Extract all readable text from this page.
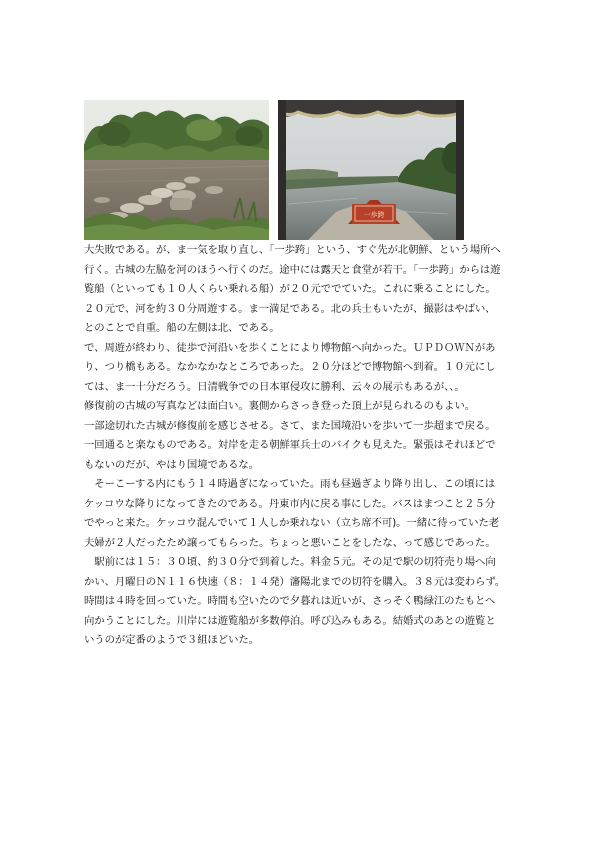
一歩跨

大失敗である。が、ま一気を取り直し、「一歩跨」という、すぐ先が北朝鮮、という場所へ

行く。古城の左脇を河のほうへ行くのだ。途中には露天と食堂が若干。「一歩跨」からは遊

覧船（といっても１０人くらい乗れる船）が２０元ででていた。これに乗ることにした。

２０元で、河を約３０分周遊する。ま一満足である。北の兵士もいたが、撮影はやばい、

とのことで自重。船の左側は北、である。

で、周遊が終わり、徒歩で河沿いを歩くことにより博物館へ向かった。ＵＰＤＯＷＮがあ

り、つり橋もある。なかなかなところであった。２０分ほどで博物館へ到着。１０元にし

ては、ま一十分だろう。日清戦争での日本軍侵攻に勝利、云々の展示もあるが、、。

修復前の古城の写真などは面白い。裏側からさっき登った頂上が見られるのもよい。

一部途切れた古城が修復前を感じさせる。さて、また国境沿いを歩いて一歩超まで戻る。

一回通ると楽なものである。対岸を走る朝鮮軍兵士のバイクも見えた。緊張はそれほどで

もないのだが、やはり国境であるな。

　そーこーする内にもう１４時過ぎになっていた。雨も昼過ぎより降り出し、この頃には

ケッコウな降りになってきたのである。丹東市内に戻る事にした。バスはまつこと２５分

でやっと来た。ケッコウ混んでいて１人しか乗れない（立ち席不可)。一緒に待っていた老

夫婦が２人だったため譲ってもらった。ちょっと悪いことをしたな、って感じであった。

　駅前には１５：３０頃、約３０分で到着した。料金５元。その足で駅の切符売り場へ向

かい、月曜日のＮ１１６快速（８：１４発）瀋陽北までの切符を購入。３８元は変わらず。

時間は４時を回っていた。時間も空いたので夕暮れは近いが、さっそく鴨緑江のたもとへ

向かうことにした。川岸には遊覧船が多数停泊。呼び込みもある。結婚式のあとの遊覧と

いうのが定番のようで３組ほどいた。
